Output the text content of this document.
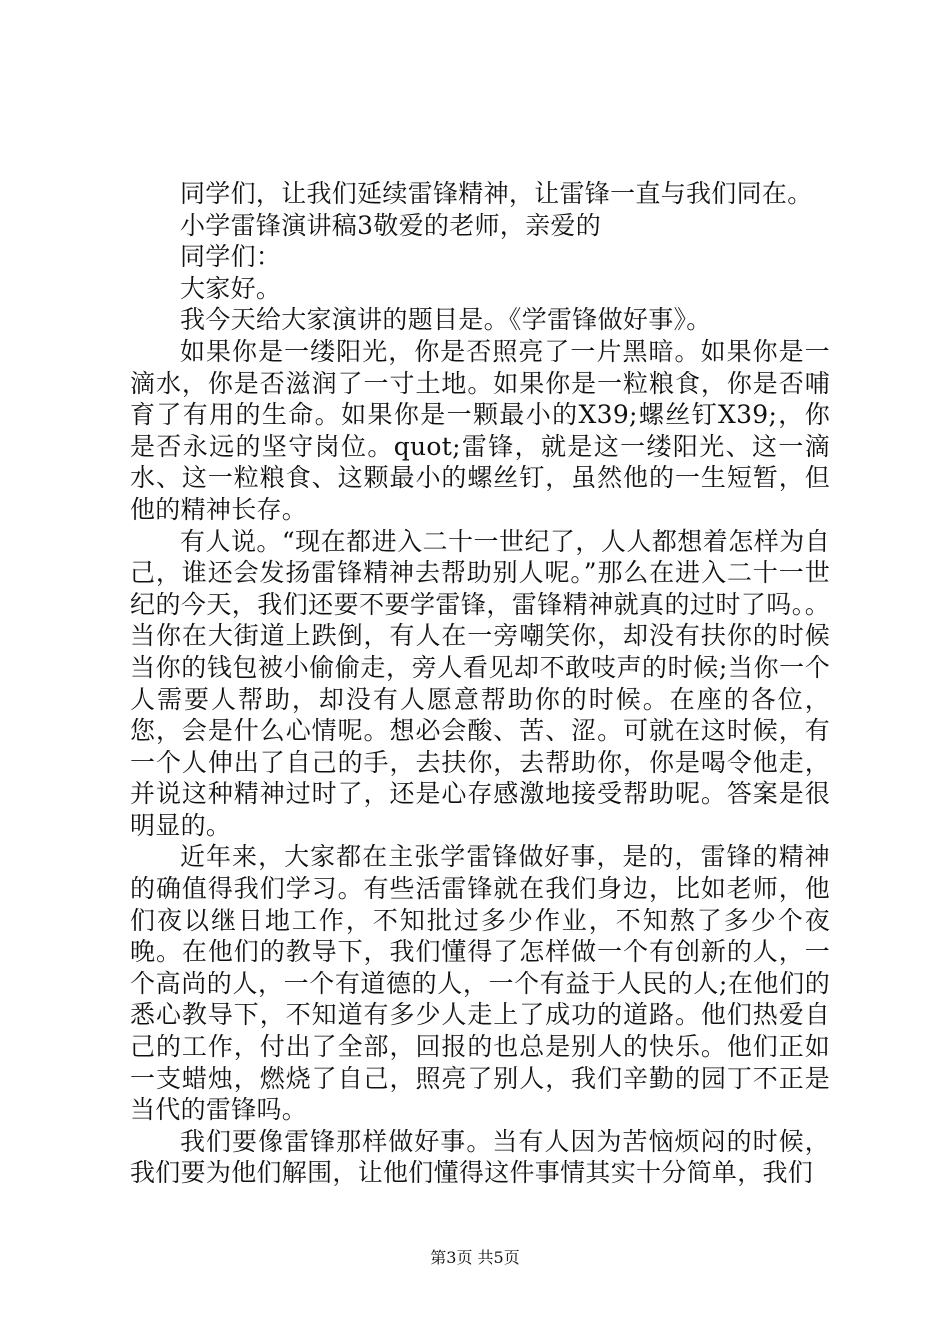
同学们，让我们延续雷锋精神，让雷锋一直与我们同在。

小学雷锋演讲稿3敬爱的老师，亲爱的

同学们：

大家好。

我今天给大家演讲的题目是。《学雷锋做好事》。

如果你是一缕阳光，你是否照亮了一片黑暗。如果你是一滴水，你是否滋润了一寸土地。如果你是一粒粮食，你是否哺育了有用的生命。如果你是一颗最小的X39;螺丝钉X39;，你是否永远的坚守岗位。quot;雷锋，就是这一缕阳光、这一滴水、这一粒粮食、这颗最小的螺丝钉，虽然他的一生短暂，但他的精神长存。

有人说。“现在都进入二十一世纪了，人人都想着怎样为自己，谁还会发扬雷锋精神去帮助别人呢。”那么在进入二十一世纪的今天，我们还要不要学雷锋，雷锋精神就真的过时了吗。。当你在大街道上跌倒，有人在一旁嘲笑你，却没有扶你的时候当你的钱包被小偷偷走，旁人看见却不敢吱声的时候;当你一个人需要人帮助，却没有人愿意帮助你的时候。在座的各位，您，会是什么心情呢。想必会酸、苦、涩。可就在这时候，有一个人伸出了自己的手，去扶你，去帮助你，你是喝令他走，并说这种精神过时了，还是心存感激地接受帮助呢。答案是很明显的。

近年来，大家都在主张学雷锋做好事，是的，雷锋的精神的确值得我们学习。有些活雷锋就在我们身边，比如老师，他们夜以继日地工作，不知批过多少作业，不知熬了多少个夜晚。在他们的教导下，我们懂得了怎样做一个有创新的人，一个高尚的人，一个有道德的人，一个有益于人民的人;在他们的悉心教导下，不知道有多少人走上了成功的道路。他们热爱自己的工作，付出了全部，回报的也总是别人的快乐。他们正如一支蜡烛，燃烧了自己，照亮了别人，我们辛勤的园丁不正是当代的雷锋吗。

我们要像雷锋那样做好事。当有人因为苦恼烦闷的时候，我们要为他们解围，让他们懂得这件事情其实十分简单，我们

第3页 共5页
